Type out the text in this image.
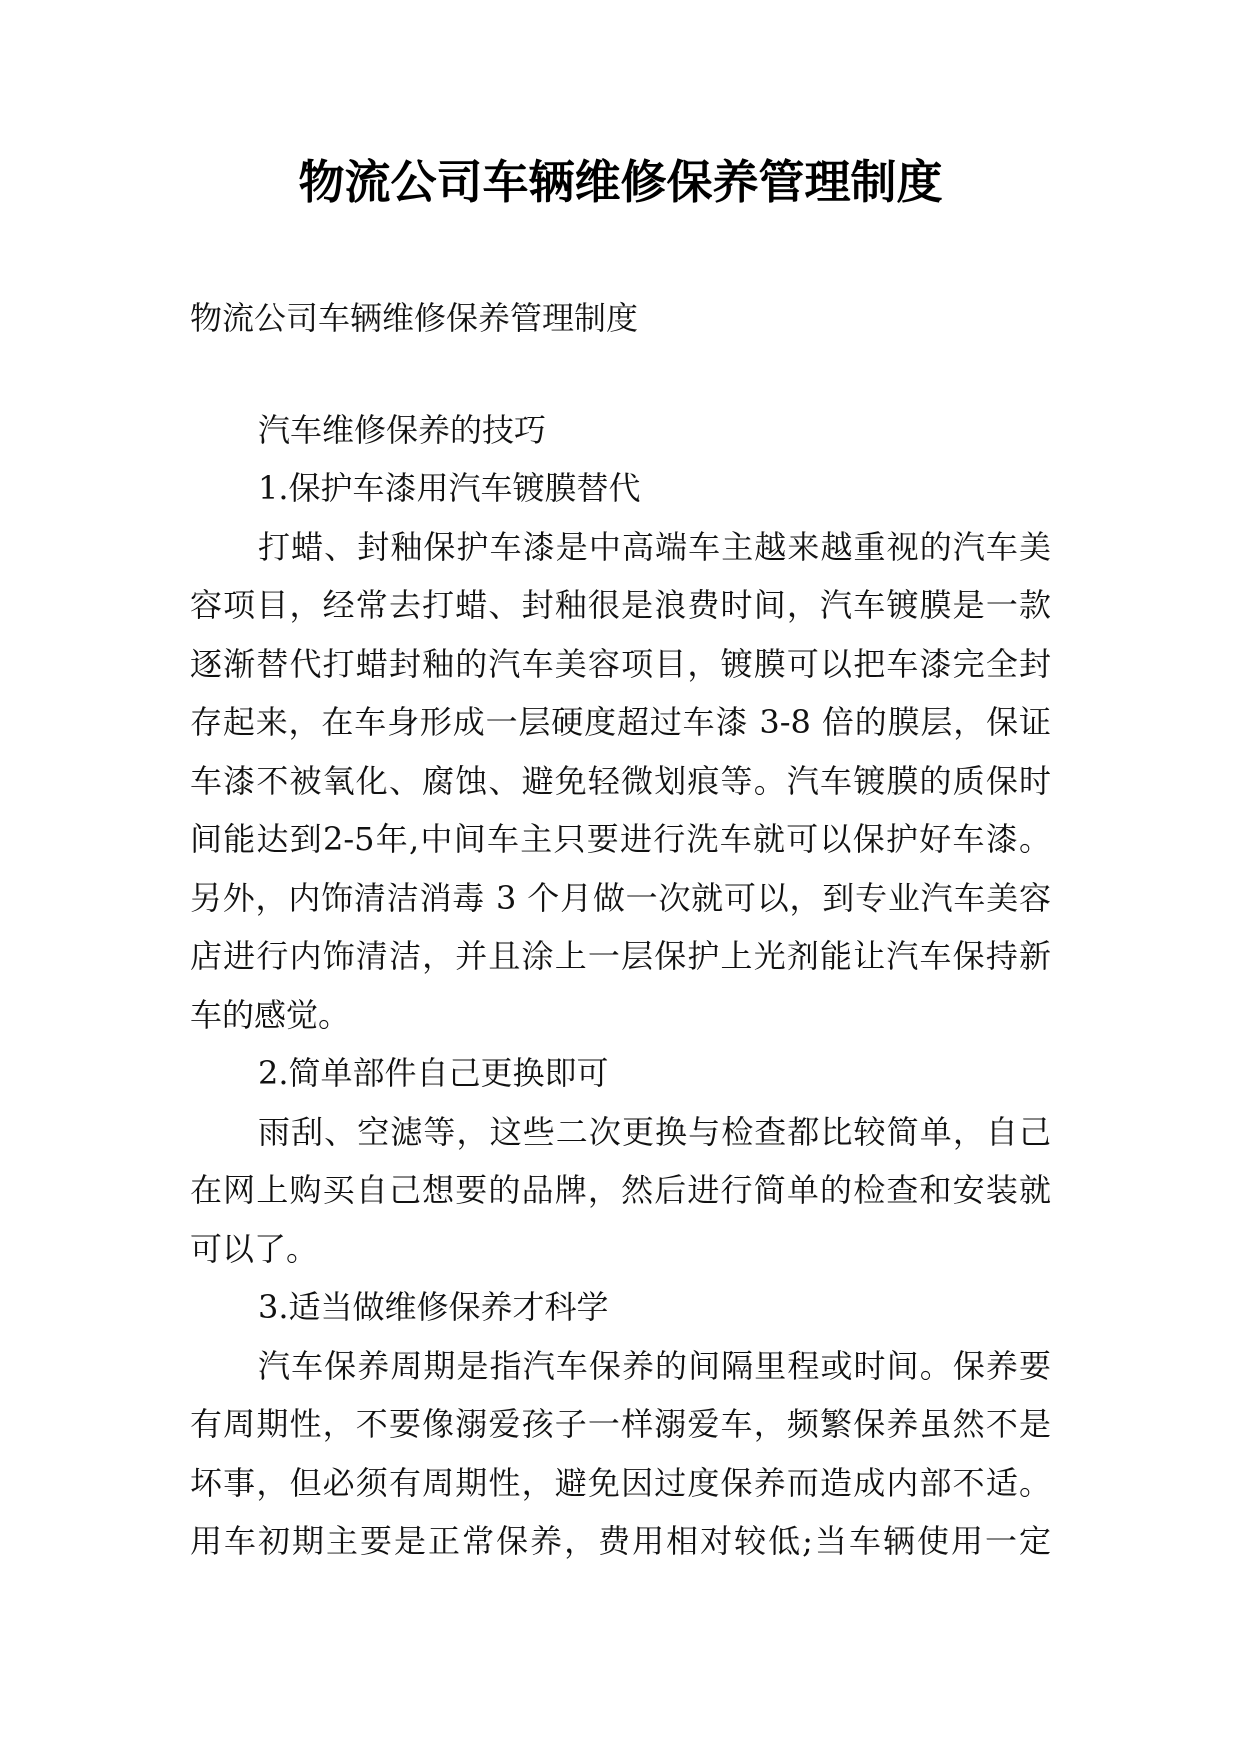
物流公司车辆维修保养管理制度
物流公司车辆维修保养管理制度
汽车维修保养的技巧
1.保护车漆用汽车镀膜替代
打蜡、封釉保护车漆是中高端车主越来越重视的汽车美
容项目，经常去打蜡、封釉很是浪费时间，汽车镀膜是一款
逐渐替代打蜡封釉的汽车美容项目，镀膜可以把车漆完全封
存起来，在车身形成一层硬度超过车漆 3-8 倍的膜层，保证
车漆不被氧化、腐蚀、避免轻微划痕等。汽车镀膜的质保时
间能达到2-5年,中间车主只要进行洗车就可以保护好车漆。
另外，内饰清洁消毒 3 个月做一次就可以，到专业汽车美容
店进行内饰清洁，并且涂上一层保护上光剂能让汽车保持新
车的感觉。
2.简单部件自己更换即可
雨刮、空滤等，这些二次更换与检查都比较简单，自己
在网上购买自己想要的品牌，然后进行简单的检查和安装就
可以了。
3.适当做维修保养才科学
汽车保养周期是指汽车保养的间隔里程或时间。保养要
有周期性，不要像溺爱孩子一样溺爱车，频繁保养虽然不是
坏事，但必须有周期性，避免因过度保养而造成内部不适。
用车初期主要是正常保养，费用相对较低;当车辆使用一定
